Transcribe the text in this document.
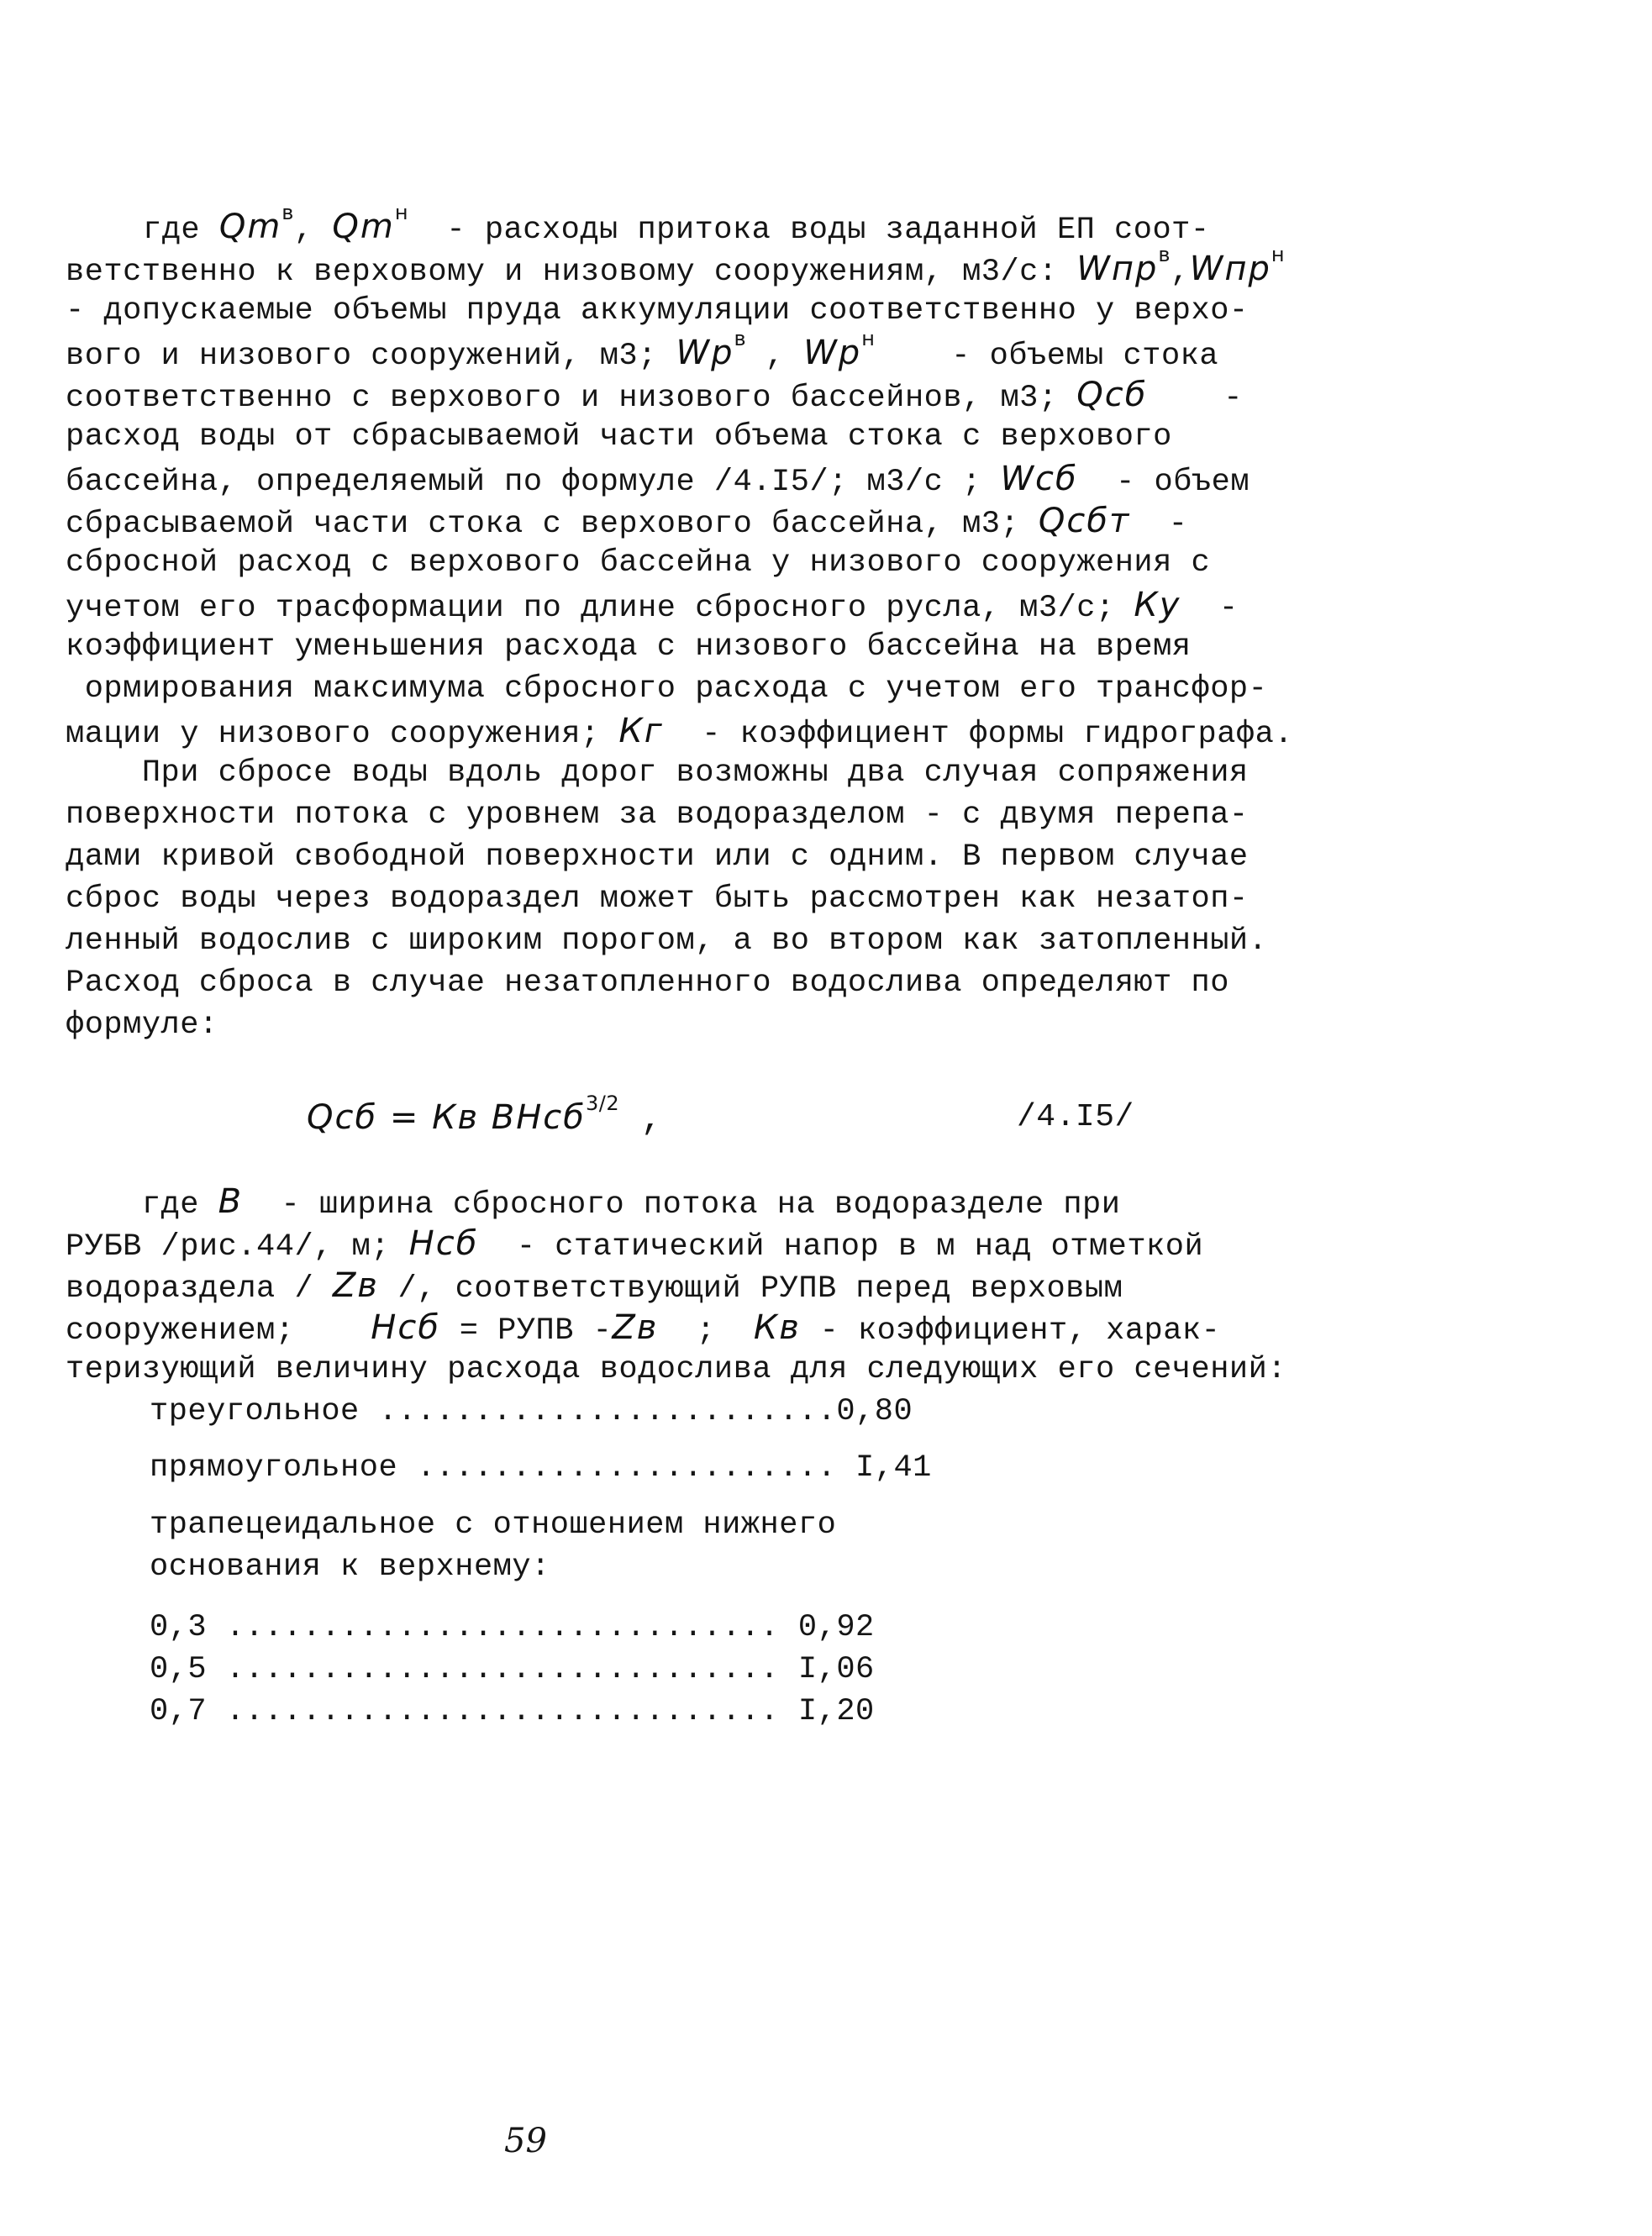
где $Qm^в$, $Qm^н$  - расходы притока воды заданной ЕП соот-
ветственно к верховому и низовому сооружениям, м3/с: Wпр$^в$,Wпр$^н$
- допускаемые объемы пруда аккумуляции соответственно у верхо-
вого и низового сооружений, м3; $Wр^в$ , $Wр^н$    - объемы стока
соответственно с верхового и низового бассейнов, м3; Qсб    -
расход воды от сбрасываемой части объема стока с верхового
бассейна, определяемый по формуле /4.I5/; м3/с ; Wсб  - объем
сбрасываемой части стока с верхового бассейна, м3; Qсбт  -
сбросной расход с верхового бассейна у низового сооружения с
учетом его трасформации по длине сбросного русла, м3/с; Ку  -
коэффициент уменьшения расхода с низового бассейна на время
ормирования максимума сбросного расхода с учетом его трансфор-
мации у низового сооружения; Кг  - коэффициент формы гидрографа.
При сбросе воды вдоль дорог возможны два случая сопряжения
поверхности потока с уровнем за водоразделом - с двумя перепа-
дами кривой свободной поверхности или с одним. В первом случае
сброс воды через водораздел может быть рассмотрен как незатоп-
ленный водослив с широким порогом, а во втором как затопленный.
Расход сброса в случае незатопленного водослива определяют по
формуле:
Qсб = Кв ВНсб$^{3/2}$ ,	/4.I5/
где В  - ширина сбросного потока на водоразделе при
РУБВ /рис.44/, м; Нсб  - статический напор в м над отметкой
водораздела / Zв /, соответствующий РУПВ перед верховым
сооружением;    Нсб = РУПВ -Zв  ;  Кв - коэффициент, харак-
теризующий величину расхода водослива для следующих его сечений:
треугольное ........................0,80
прямоугольное ...................... I,41
трапецеидальное с отношением нижнего
основания к верхнему:
0,3 ............................. 0,92
0,5 ............................. I,06
0,7 ............................. I,20
59
